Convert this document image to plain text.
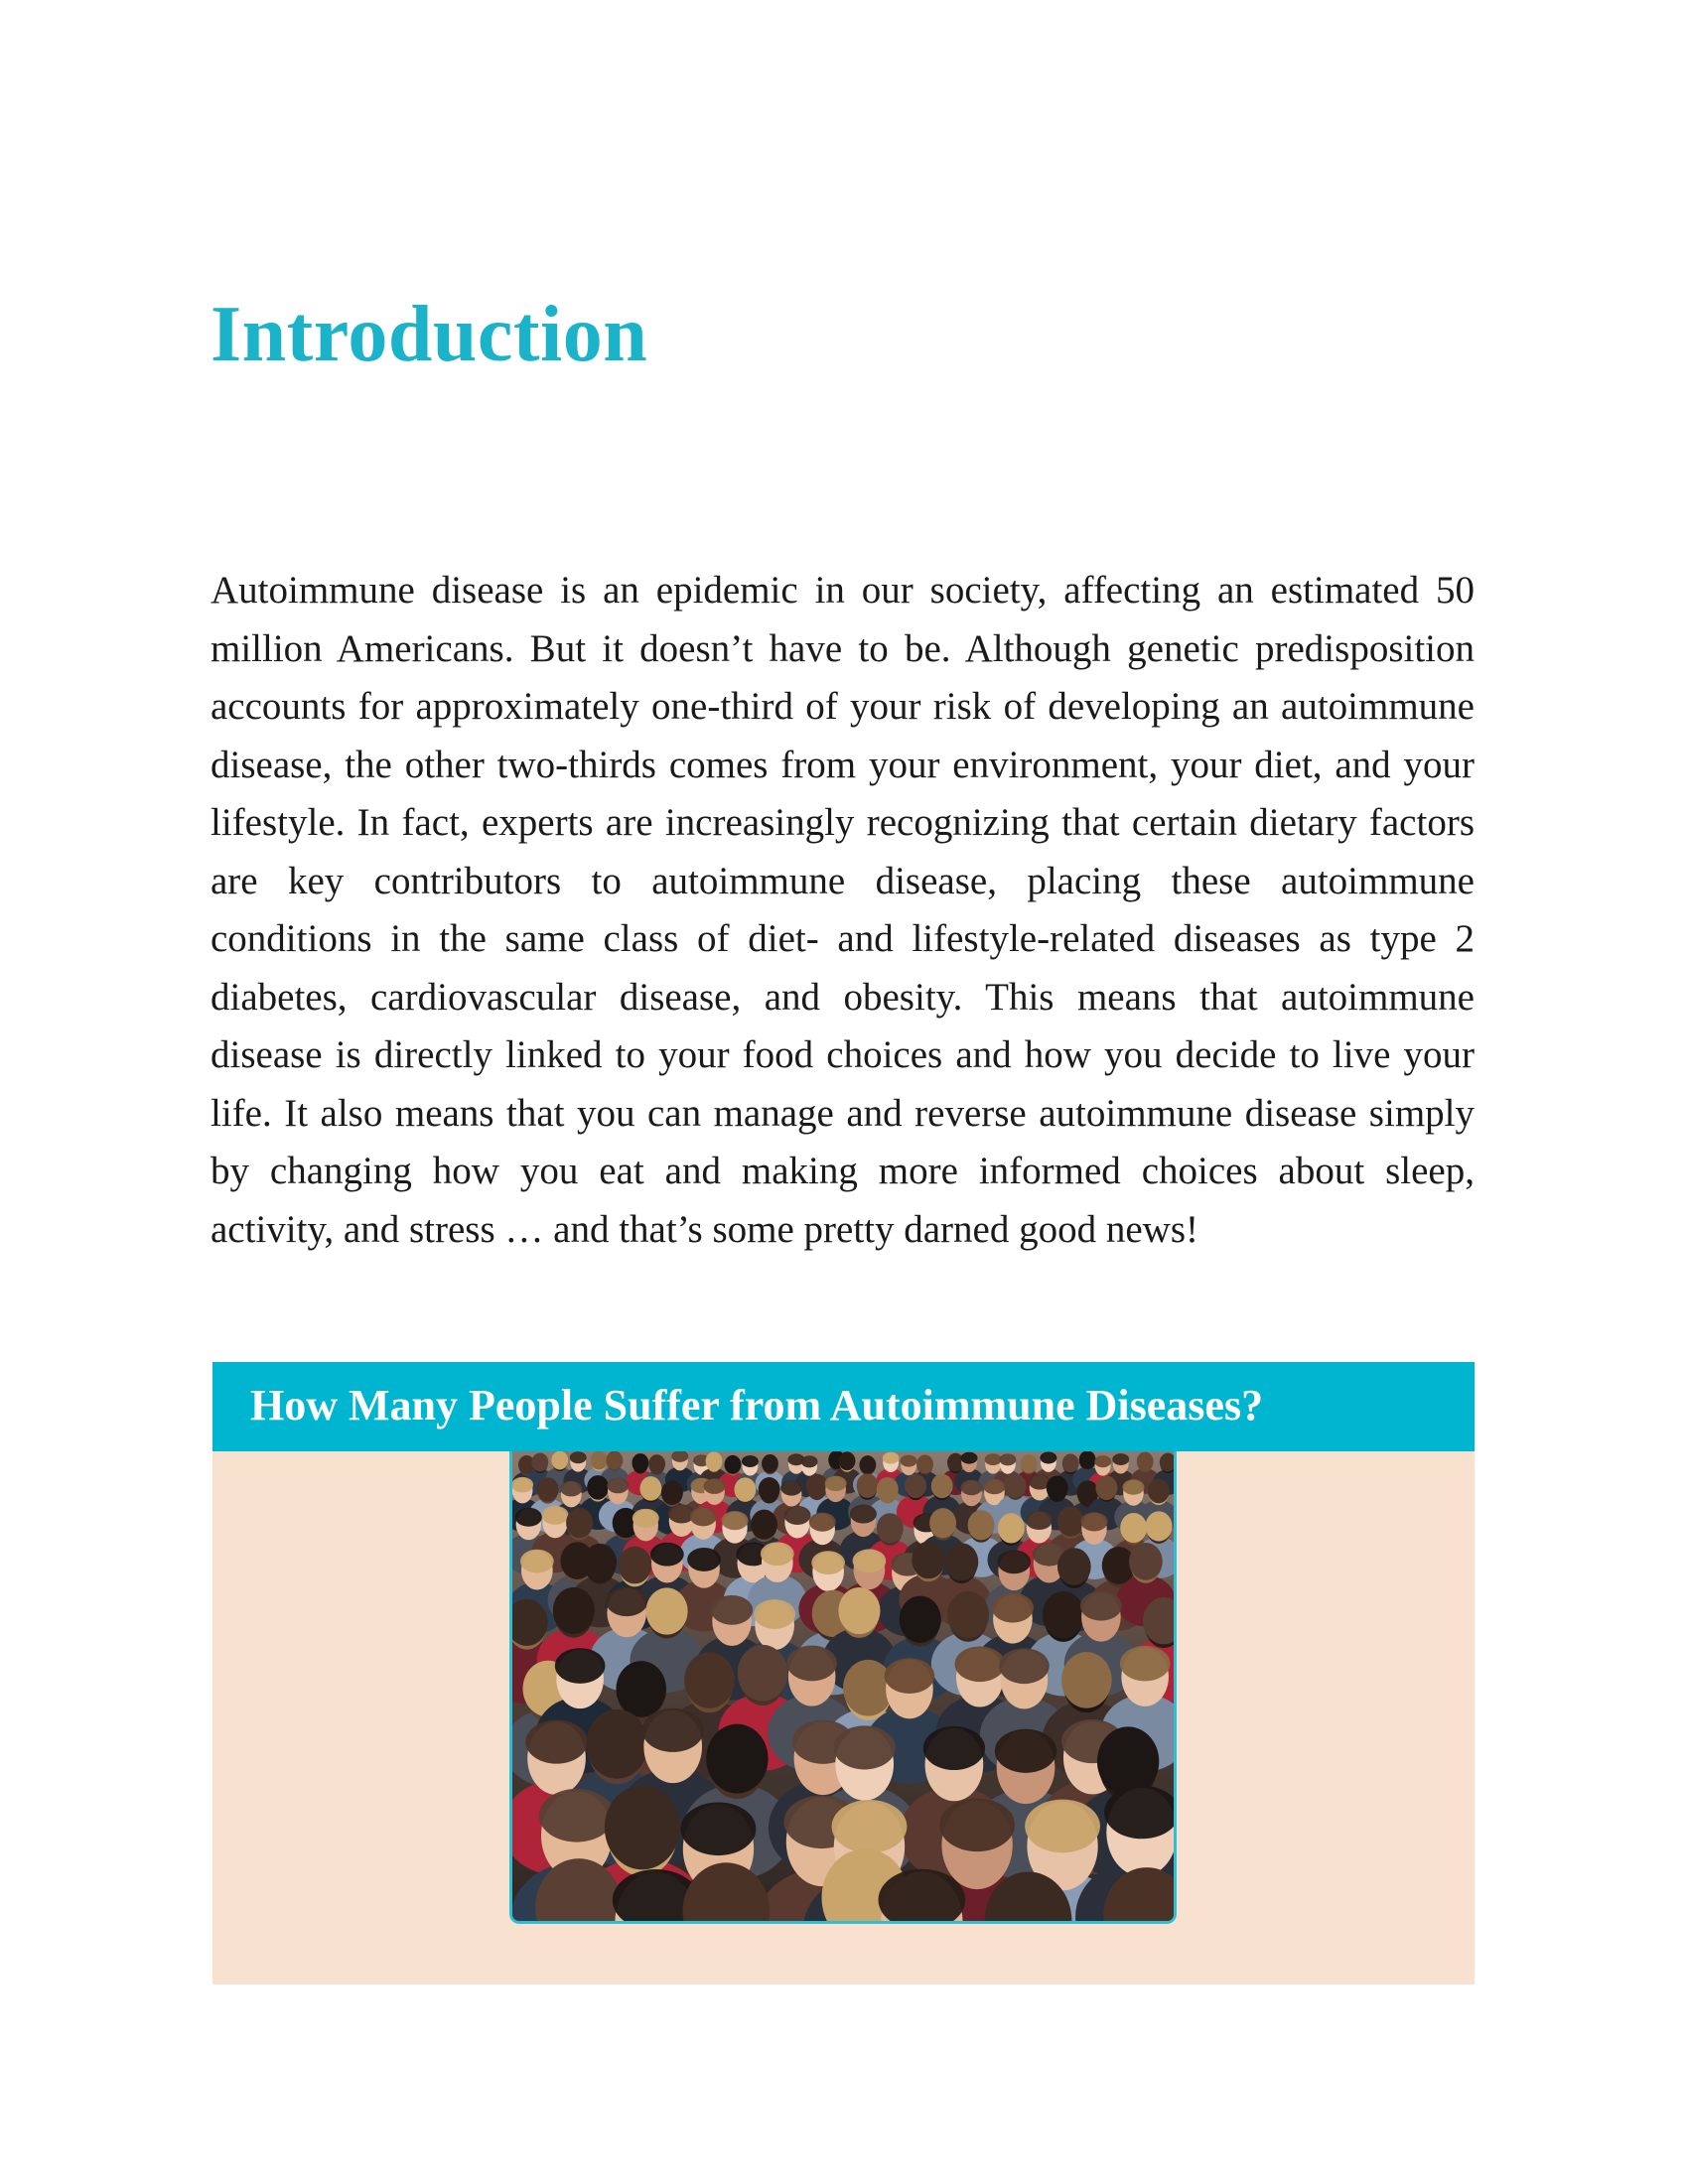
Introduction

Autoimmune disease is an epidemic in our society, affecting an estimated 50 million Americans. But it doesn’t have to be. Although genetic predisposition accounts for approximately one-third of your risk of developing an autoimmune disease, the other two-thirds comes from your environment, your diet, and your lifestyle. In fact, experts are increasingly recognizing that certain dietary factors are key contributors to autoimmune disease, placing these autoimmune conditions in the same class of diet- and lifestyle-related diseases as type 2 diabetes, cardiovascular disease, and obesity. This means that autoimmune disease is directly linked to your food choices and how you decide to live your life. It also means that you can manage and reverse autoimmune disease simply by changing how you eat and making more informed choices about sleep, activity, and stress … and that’s some pretty darned good news!

How Many People Suffer from Autoimmune Diseases?
